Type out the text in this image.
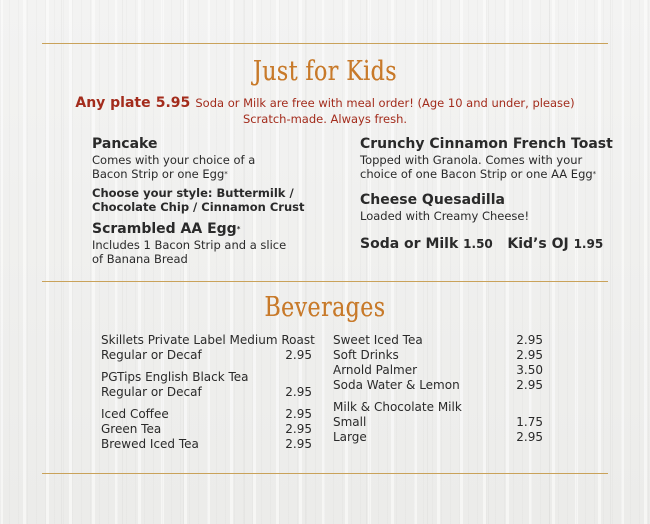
Just for Kids
Any plate 5.95 Soda or Milk are free with meal order! (Age 10 and under, please)
Scratch-made. Always fresh.

Pancake

Comes with your choice of a

Bacon Strip or one Egg*

Choose your style: Buttermilk /

Chocolate Chip / Cinnamon Crust

Scrambled AA Egg*

Includes 1 Bacon Strip and a slice

of Banana Bread

Crunchy Cinnamon French Toast

Topped with Granola. Comes with your

choice of one Bacon Strip or one AA Egg*

Cheese Quesadilla

Loaded with Creamy Cheese!

Soda or Milk 1.50 Kid’s OJ 1.95

Beverages
Skillets Private Label Medium Roast
Regular or Decaf	2.95
PGTips English Black Tea
Regular or Decaf	2.95
Iced Coffee	2.95
Green Tea	2.95
Brewed Iced Tea	2.95
Sweet Iced Tea	2.95
Soft Drinks	2.95
Arnold Palmer	3.50
Soda Water & Lemon	2.95
Milk & Chocolate Milk
Small	1.75
Large	2.95
